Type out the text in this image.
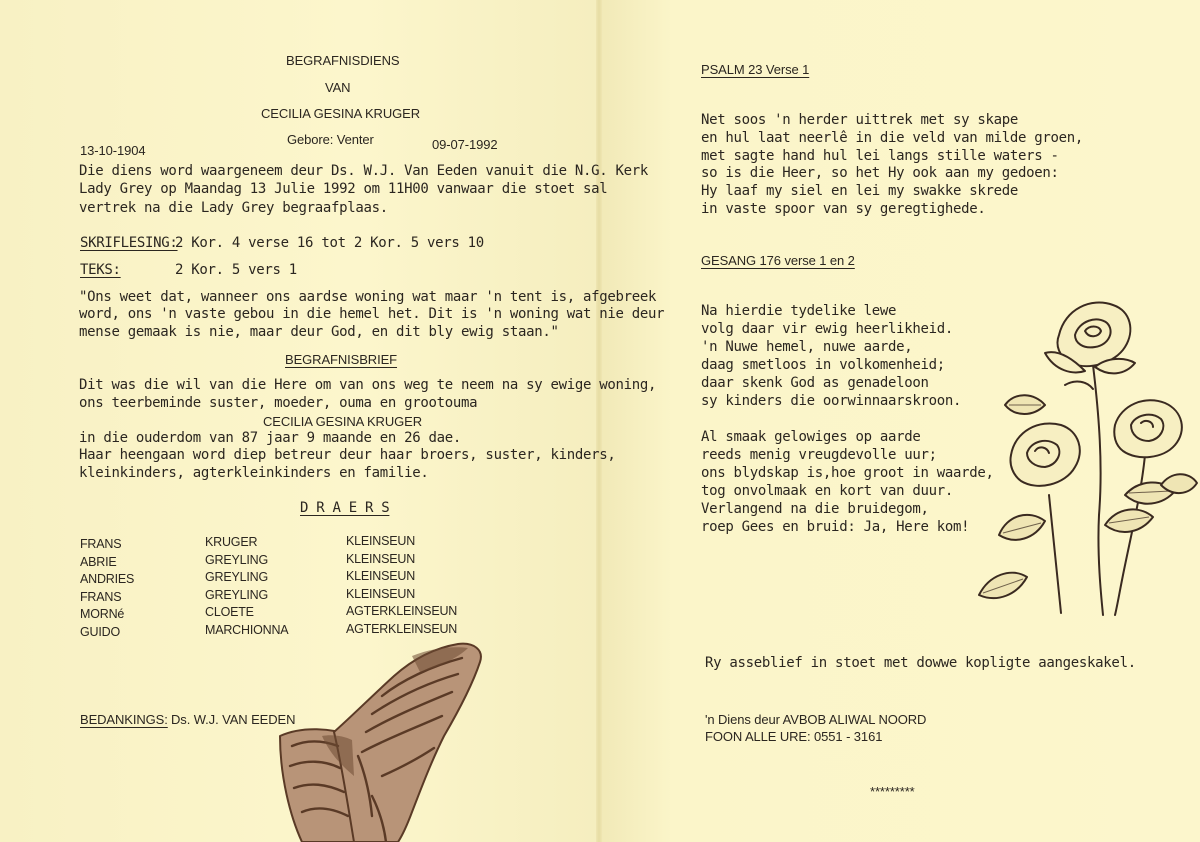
BEGRAFNISDIENS
VAN
CECILIA GESINA KRUGER
Gebore: Venter
13-10-1904	09-07-1992
Die diens word waargeneem deur Ds. W.J. Van Eeden vanuit die N.G. Kerk
Lady Grey op Maandag 13 Julie 1992 om 11H00 vanwaar die stoet sal
vertrek na die Lady Grey begraafplaas.
SKRIFLESING:
2 Kor. 4 verse 16 tot 2 Kor. 5 vers 10
TEKS:	2 Kor. 5 vers 1
"Ons weet dat, wanneer ons aardse woning wat maar 'n tent is, afgebreek
word, ons 'n vaste gebou in die hemel het. Dit is 'n woning wat nie deur
mense gemaak is nie, maar deur God, en dit bly ewig staan."
BEGRAFNISBRIEF
Dit was die wil van die Here om van ons weg te neem na sy ewige woning,
ons teerbeminde suster, moeder, ouma en grootouma
CECILIA GESINA KRUGER
in die ouderdom van 87 jaar 9 maande en 26 dae.
Haar heengaan word diep betreur deur haar broers, suster, kinders,
kleinkinders, agterkleinkinders en familie.
D R A E R S
FRANS
ABRIE
ANDRIES
FRANS
MORNé
GUIDO
KRUGER
GREYLING
GREYLING
GREYLING
CLOETE
MARCHIONNA
KLEINSEUN
KLEINSEUN
KLEINSEUN
KLEINSEUN
AGTERKLEINSEUN
AGTERKLEINSEUN
BEDANKINGS: Ds. W.J. VAN EEDEN
PSALM 23 Verse 1
Net soos 'n herder uittrek met sy skape
en hul laat neerlê in die veld van milde groen,
met sagte hand hul lei langs stille waters -
so is die Heer, so het Hy ook aan my gedoen:
Hy laaf my siel en lei my swakke skrede
in vaste spoor van sy geregtighede.
GESANG 176 verse 1 en 2
Na hierdie tydelike lewe
volg daar vir ewig heerlikheid.
'n Nuwe hemel, nuwe aarde,
daag smetloos in volkomenheid;
daar skenk God as genadeloon
sy kinders die oorwinnaarskroon.
Al smaak gelowiges op aarde
reeds menig vreugdevolle uur;
ons blydskap is,hoe groot in waarde,
tog onvolmaak en kort van duur.
Verlangend na die bruidegom,
roep Gees en bruid: Ja, Here kom!
Ry asseblief in stoet met dowwe kopligte aangeskakel.
'n Diens deur AVBOB ALIWAL NOORD
FOON ALLE URE: 0551 - 3161
*********
